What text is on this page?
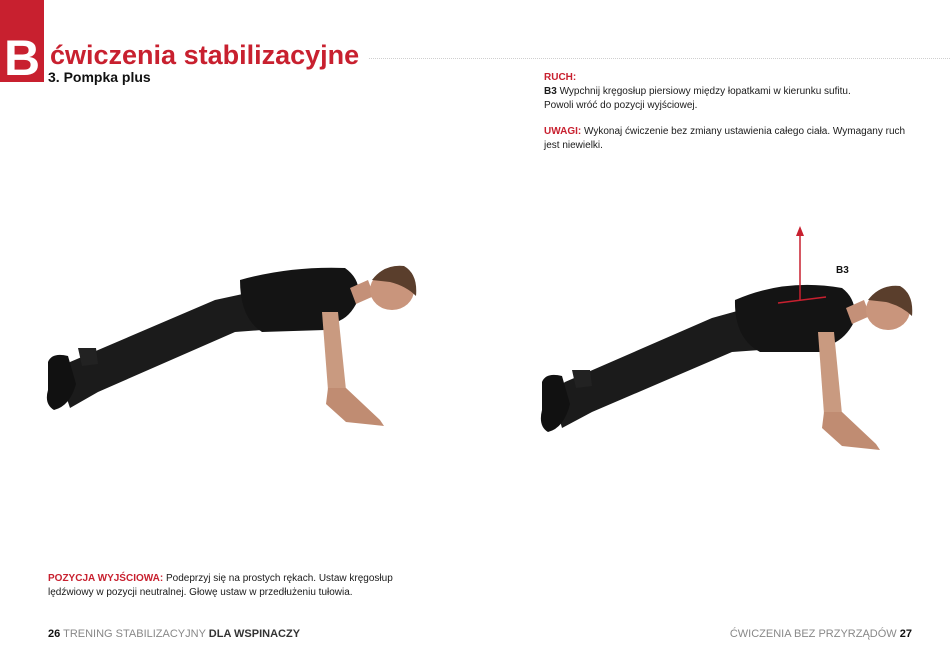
B ćwiczenia stabilizacyjne
3. Pompka plus	RUCH:
B3 Wypchnij kręgosłup piersiowy między łopatkami w kierunku sufitu.
Powoli wróć do pozycji wyjściowej.
UWAGI: Wykonaj ćwiczenie bez zmiany ustawienia całego ciała. Wymagany ruch jest niewielki.
POZYCJA WYJŚCIOWA: Podeprzyj się na prostych rękach. Ustaw kręgosłup lędźwiowy w pozycji neutralnej. Głowę ustaw w przedłużeniu tułowia.
B3
26 TRENING STABILIZACYJNY DLA WSPINACZY	ĆWICZENIA BEZ PRZYRZĄDÓW 27
